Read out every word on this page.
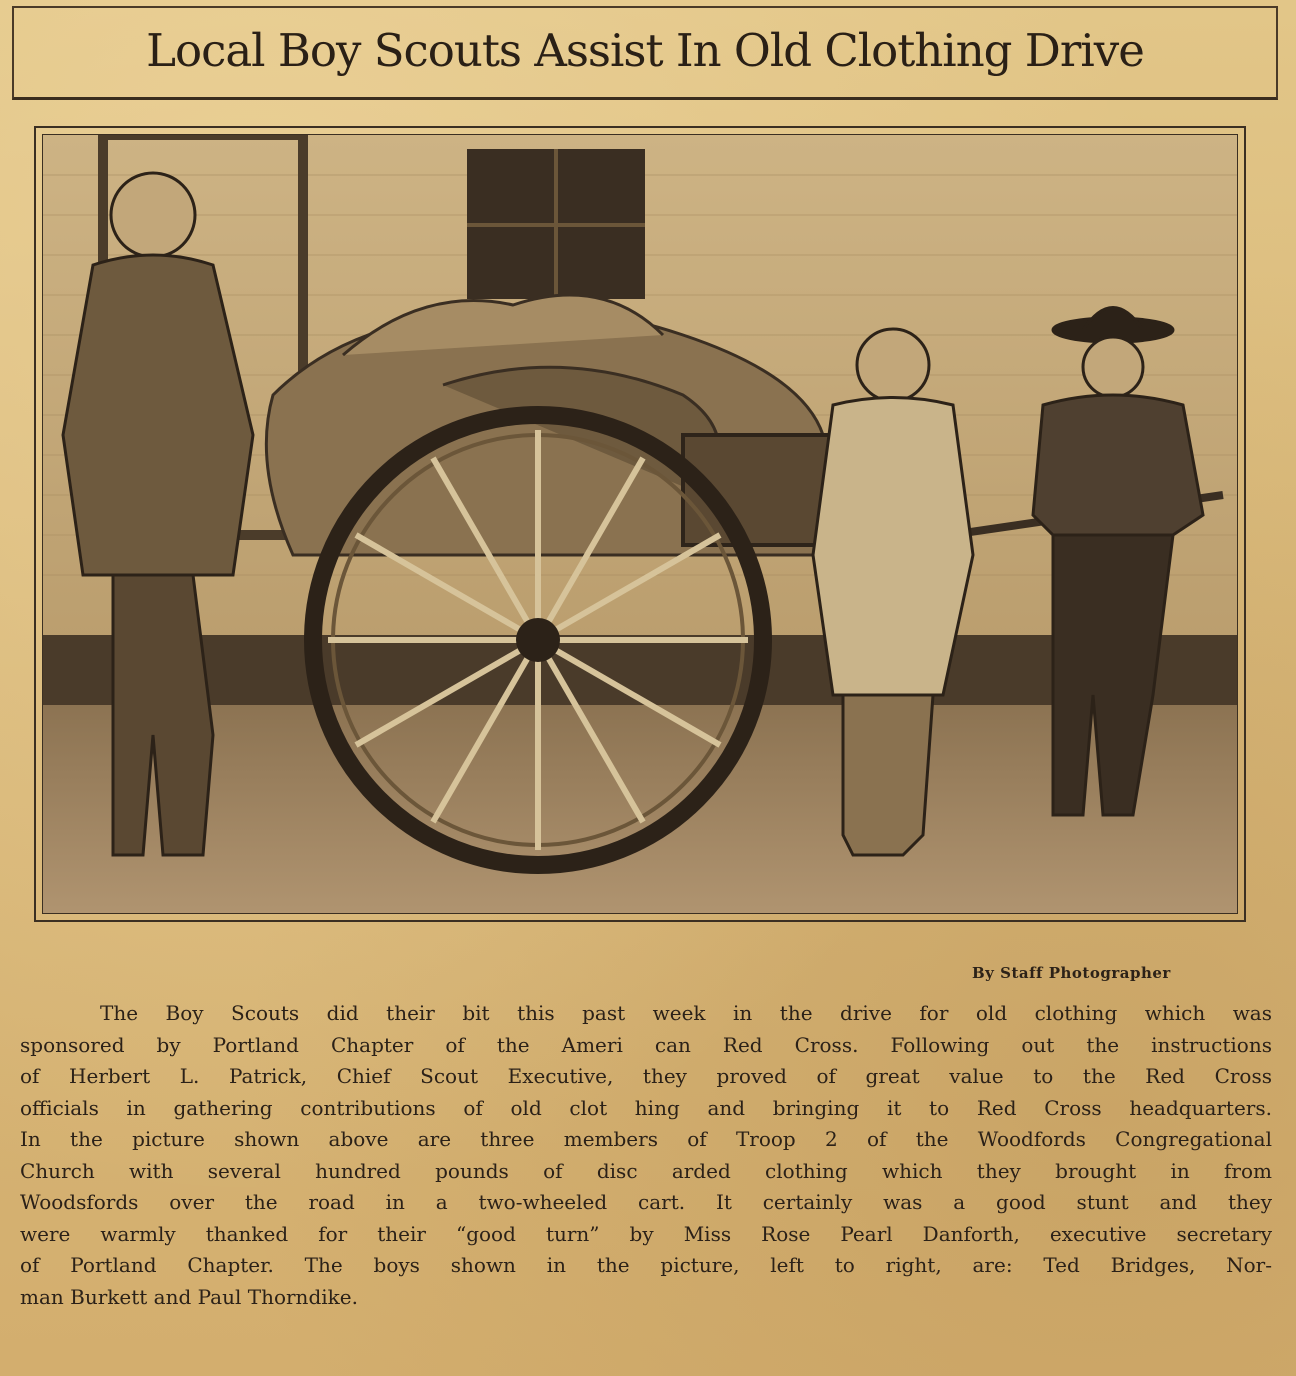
Local Boy Scouts Assist In Old Clothing Drive
By Staff Photographer
The Boy Scouts did their bit this past week in the drive for old clothing which was
sponsored by Portland Chapter of the Ameri can Red Cross. Following out the instructions
of Herbert L. Patrick, Chief Scout Executive, they proved of great value to the Red Cross
officials in gathering contributions of old clot hing and bringing it to Red Cross headquarters.
In the picture shown above are three members of Troop 2 of the Woodfords Congregational
Church with several hundred pounds of disc arded clothing which they brought in from
Woodsfords over the road in a two-wheeled cart. It certainly was a good stunt and they
were warmly thanked for their “good turn” by Miss Rose Pearl Danforth, executive secretary
of Portland Chapter. The boys shown in the picture, left to right, are: Ted Bridges, Nor-
man Burkett and Paul Thorndike.
